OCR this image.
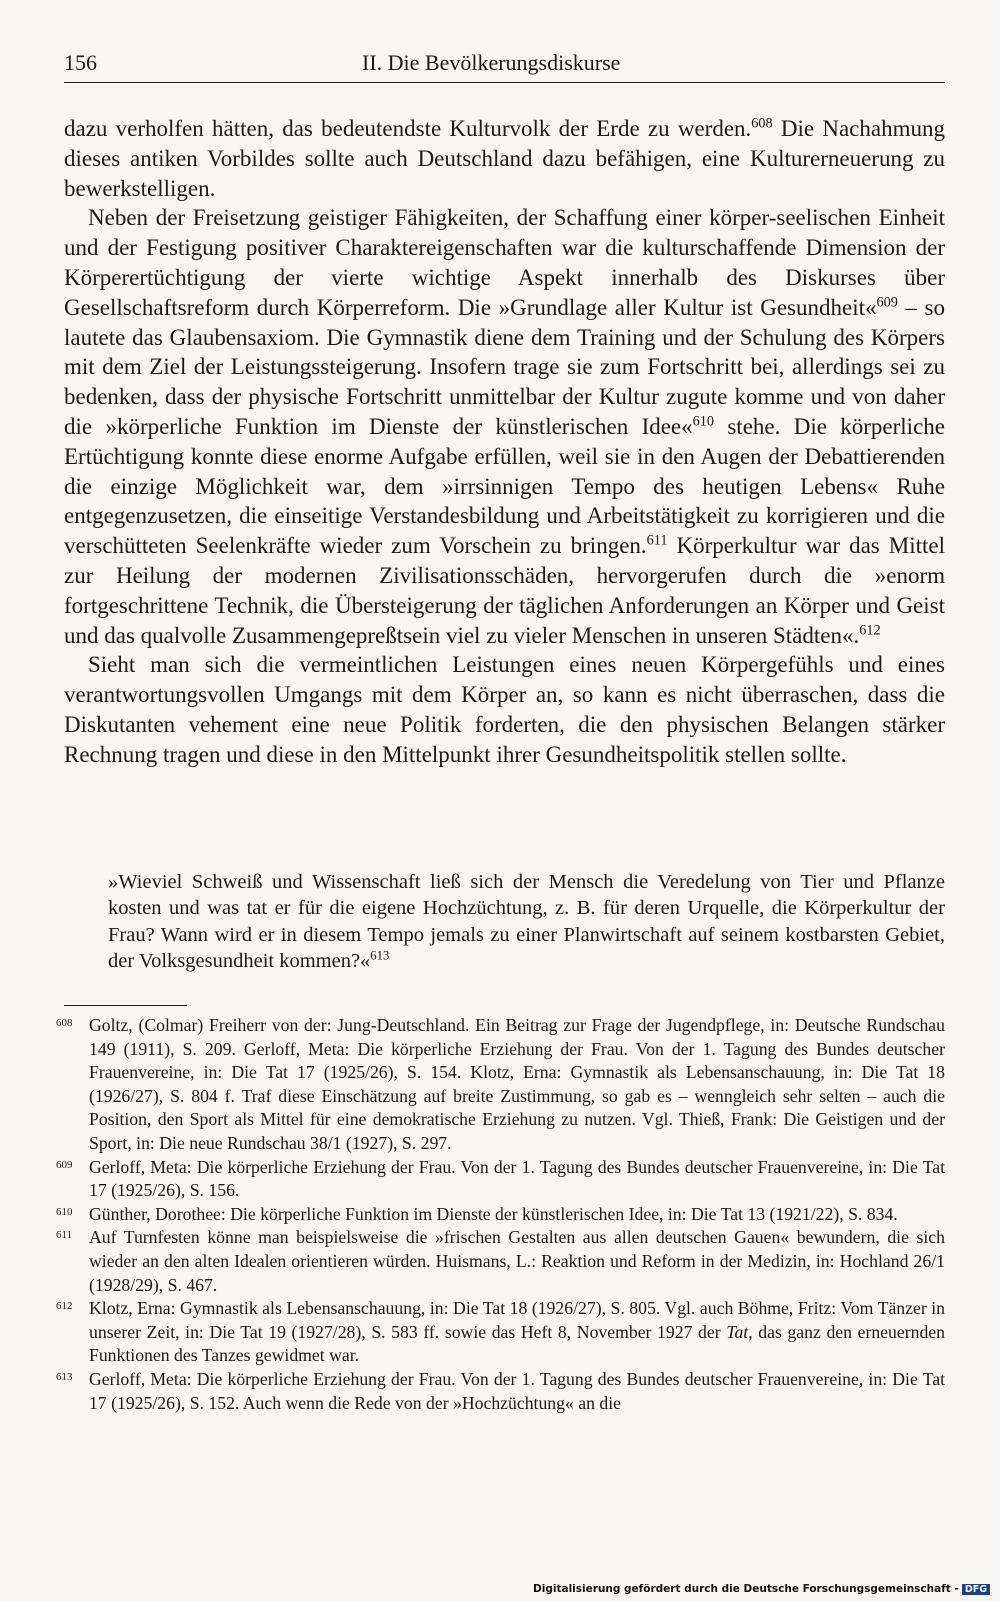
156	II. Die Bevölkerungsdiskurse

dazu verholfen hätten, das bedeutendste Kulturvolk der Erde zu werden.$^{608}$ Die Nachahmung dieses antiken Vorbildes sollte auch Deutschland dazu befähigen, eine Kulturerneuerung zu bewerkstelligen.

Neben der Freisetzung geistiger Fähigkeiten, der Schaffung einer körper-seelischen Einheit und der Festigung positiver Charaktereigenschaften war die kulturschaffende Dimension der Körperertüchtigung der vierte wichtige Aspekt innerhalb des Diskurses über Gesellschaftsreform durch Körperreform. Die »Grundlage aller Kultur ist Gesundheit«$^{609}$ – so lautete das Glaubensaxiom. Die Gymnastik diene dem Training und der Schulung des Körpers mit dem Ziel der Leistungssteigerung. Insofern trage sie zum Fortschritt bei, allerdings sei zu bedenken, dass der physische Fortschritt unmittelbar der Kultur zugute komme und von daher die »körperliche Funktion im Dienste der künstlerischen Idee«$^{610}$ stehe. Die körperliche Ertüchtigung konnte diese enorme Aufgabe erfüllen, weil sie in den Augen der Debattierenden die einzige Möglichkeit war, dem »irrsinnigen Tempo des heutigen Lebens« Ruhe entgegenzusetzen, die einseitige Verstandesbildung und Arbeitstätigkeit zu korrigieren und die verschütteten Seelenkräfte wieder zum Vorschein zu bringen.$^{611}$ Körperkultur war das Mittel zur Heilung der modernen Zivilisationsschäden, hervorgerufen durch die »enorm fortgeschrittene Technik, die Übersteigerung der täglichen Anforderungen an Körper und Geist und das qualvolle Zusammengepreßtsein viel zu vieler Menschen in unseren Städten«.$^{612}$

Sieht man sich die vermeintlichen Leistungen eines neuen Körpergefühls und eines verantwortungsvollen Umgangs mit dem Körper an, so kann es nicht überraschen, dass die Diskutanten vehement eine neue Politik forderten, die den physischen Belangen stärker Rechnung tragen und diese in den Mittelpunkt ihrer Gesundheitspolitik stellen sollte.

»Wieviel Schweiß und Wissenschaft ließ sich der Mensch die Veredelung von Tier und Pflanze kosten und was tat er für die eigene Hochzüchtung, z. B. für deren Urquelle, die Körperkultur der Frau? Wann wird er in diesem Tempo jemals zu einer Planwirtschaft auf seinem kostbarsten Gebiet, der Volksgesundheit kommen?«$^{613}$

608 Goltz, (Colmar) Freiherr von der: Jung-Deutschland. Ein Beitrag zur Frage der Jugendpflege, in: Deutsche Rundschau 149 (1911), S. 209. Gerloff, Meta: Die körperliche Erziehung der Frau. Von der 1. Tagung des Bundes deutscher Frauenvereine, in: Die Tat 17 (1925/26), S. 154. Klotz, Erna: Gymnastik als Lebensanschauung, in: Die Tat 18 (1926/27), S. 804 f. Traf diese Einschätzung auf breite Zustimmung, so gab es – wenngleich sehr selten – auch die Position, den Sport als Mittel für eine demokratische Erziehung zu nutzen. Vgl. Thieß, Frank: Die Geistigen und der Sport, in: Die neue Rundschau 38/1 (1927), S. 297.
609 Gerloff, Meta: Die körperliche Erziehung der Frau. Von der 1. Tagung des Bundes deutscher Frauenvereine, in: Die Tat 17 (1925/26), S. 156.
610 Günther, Dorothee: Die körperliche Funktion im Dienste der künstlerischen Idee, in: Die Tat 13 (1921/22), S. 834.
611 Auf Turnfesten könne man beispielsweise die »frischen Gestalten aus allen deutschen Gauen« bewundern, die sich wieder an den alten Idealen orientieren würden. Huismans, L.: Reaktion und Reform in der Medizin, in: Hochland 26/1 (1928/29), S. 467.
612 Klotz, Erna: Gymnastik als Lebensanschauung, in: Die Tat 18 (1926/27), S. 805. Vgl. auch Böhme, Fritz: Vom Tänzer in unserer Zeit, in: Die Tat 19 (1927/28), S. 583 ff. sowie das Heft 8, November 1927 der Tat, das ganz den erneuernden Funktionen des Tanzes gewidmet war.
613 Gerloff, Meta: Die körperliche Erziehung der Frau. Von der 1. Tagung des Bundes deutscher Frauenvereine, in: Die Tat 17 (1925/26), S. 152. Auch wenn die Rede von der »Hochzüchtung« an die
Digitalisierung gefördert durch die Deutsche Forschungsgemeinschaft - DFG
